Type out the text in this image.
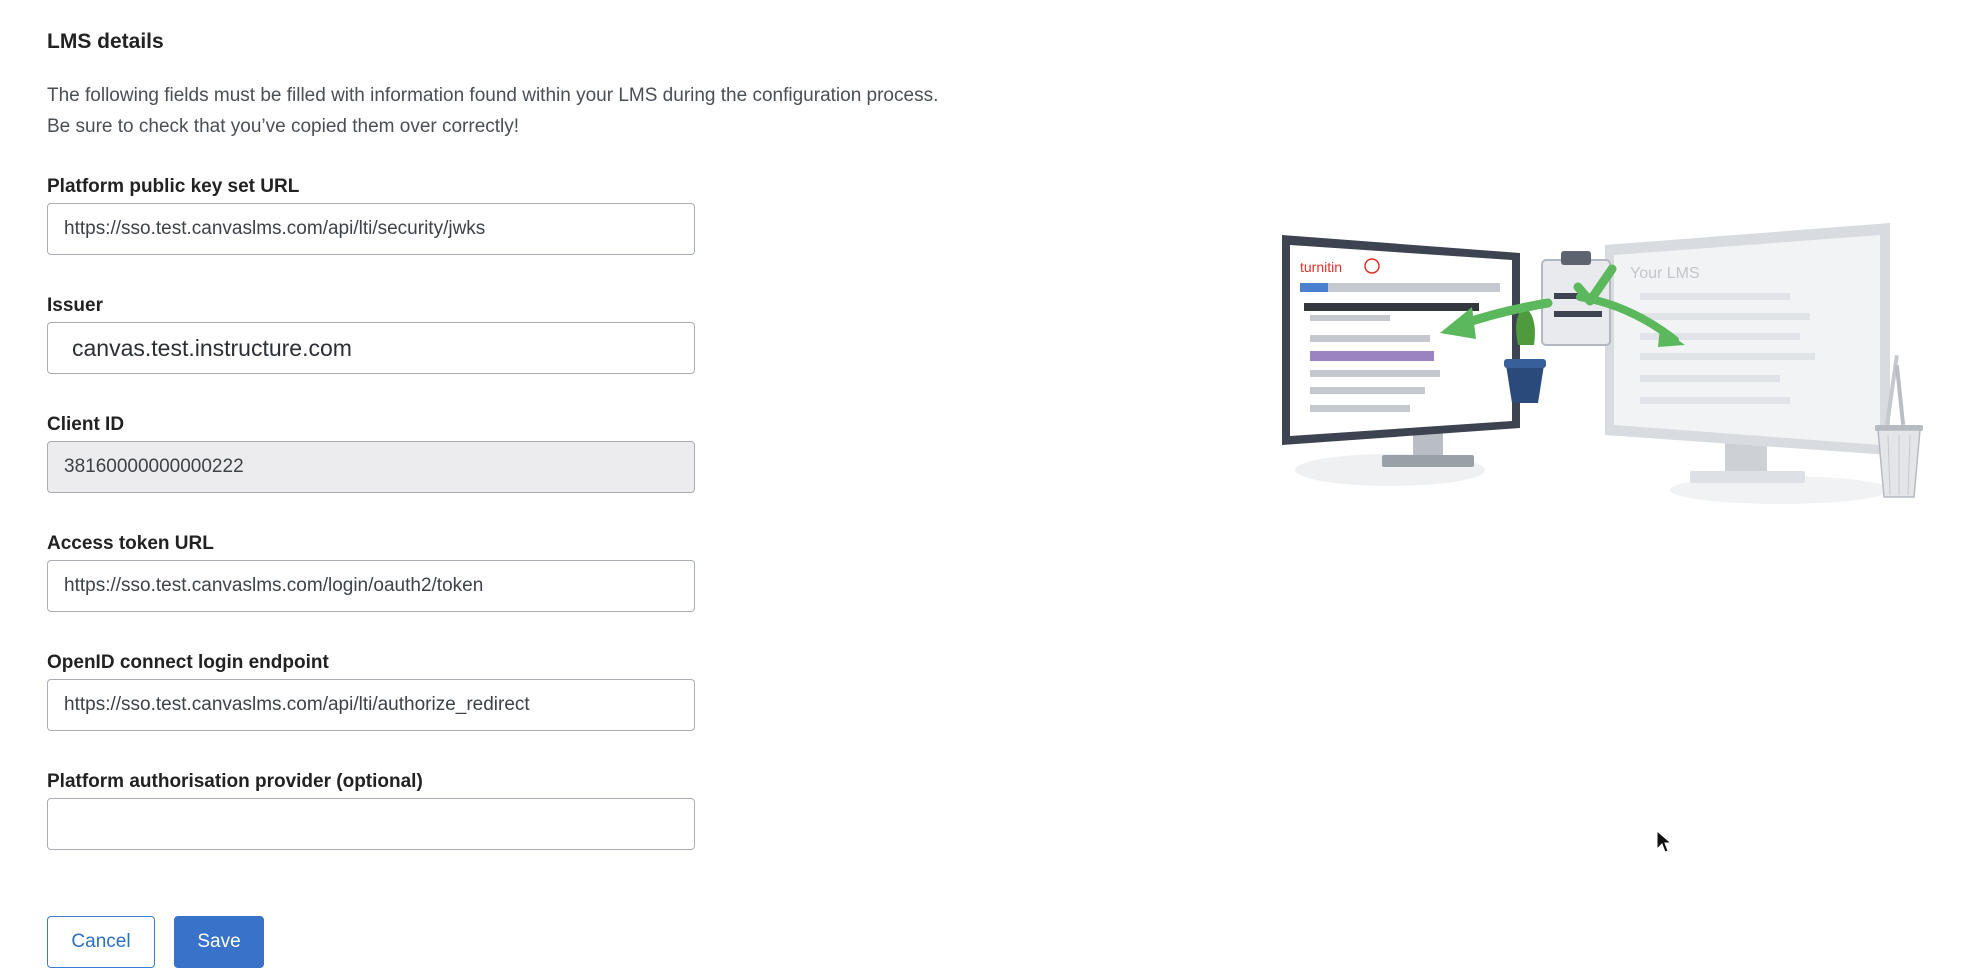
LMS details

The following fields must be filled with information found within your LMS during the configuration process. Be sure to check that you’ve copied them over correctly!

Platform public key set URL
https://sso.test.canvaslms.com/api/lti/security/jwks
Issuer
canvas.test.instructure.com
Client ID
38160000000000222
Access token URL
https://sso.test.canvaslms.com/login/oauth2/token
OpenID connect login endpoint
https://sso.test.canvaslms.com/api/lti/authorize_redirect
Platform authorisation provider (optional)
Cancel	Save
turnitin	Your LMS
